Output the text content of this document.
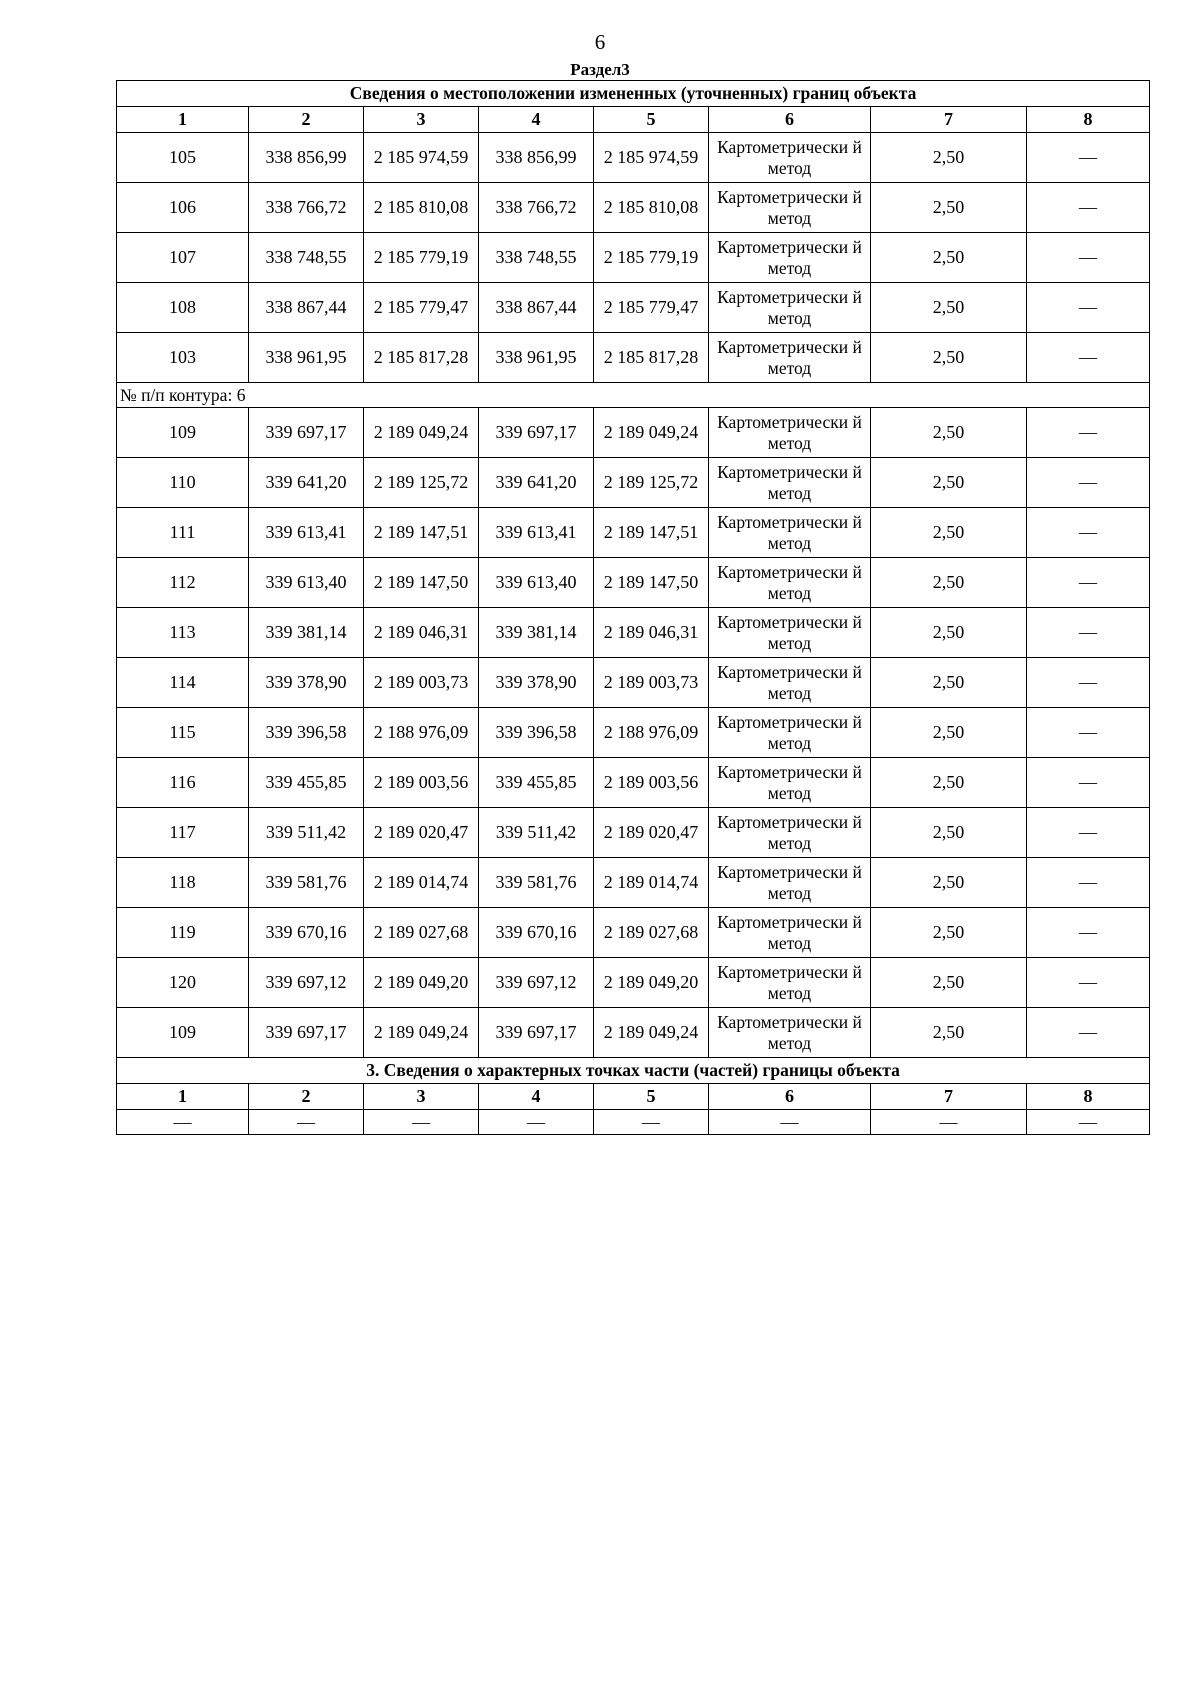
6
Раздел3
Сведения о местоположении измененных (уточненных) границ объекта							
1	2	3	4	5	6	7	8
105	338 856,99	2 185 974,59	338 856,99	2 185 974,59	Картометрически й метод	2,50	—
106	338 766,72	2 185 810,08	338 766,72	2 185 810,08	Картометрически й метод	2,50	—
107	338 748,55	2 185 779,19	338 748,55	2 185 779,19	Картометрически й метод	2,50	—
108	338 867,44	2 185 779,47	338 867,44	2 185 779,47	Картометрически й метод	2,50	—
103	338 961,95	2 185 817,28	338 961,95	2 185 817,28	Картометрически й метод	2,50	—
№ п/п контура: 6							
109	339 697,17	2 189 049,24	339 697,17	2 189 049,24	Картометрически й метод	2,50	—
110	339 641,20	2 189 125,72	339 641,20	2 189 125,72	Картометрически й метод	2,50	—
111	339 613,41	2 189 147,51	339 613,41	2 189 147,51	Картометрически й метод	2,50	—
112	339 613,40	2 189 147,50	339 613,40	2 189 147,50	Картометрически й метод	2,50	—
113	339 381,14	2 189 046,31	339 381,14	2 189 046,31	Картометрически й метод	2,50	—
114	339 378,90	2 189 003,73	339 378,90	2 189 003,73	Картометрически й метод	2,50	—
115	339 396,58	2 188 976,09	339 396,58	2 188 976,09	Картометрически й метод	2,50	—
116	339 455,85	2 189 003,56	339 455,85	2 189 003,56	Картометрически й метод	2,50	—
117	339 511,42	2 189 020,47	339 511,42	2 189 020,47	Картометрически й метод	2,50	—
118	339 581,76	2 189 014,74	339 581,76	2 189 014,74	Картометрически й метод	2,50	—
119	339 670,16	2 189 027,68	339 670,16	2 189 027,68	Картометрически й метод	2,50	—
120	339 697,12	2 189 049,20	339 697,12	2 189 049,20	Картометрически й метод	2,50	—
109	339 697,17	2 189 049,24	339 697,17	2 189 049,24	Картометрически й метод	2,50	—
3. Сведения о характерных точках части (частей) границы объекта							
1	2	3	4	5	6	7	8
—	—	—	—	—	—	—	—
